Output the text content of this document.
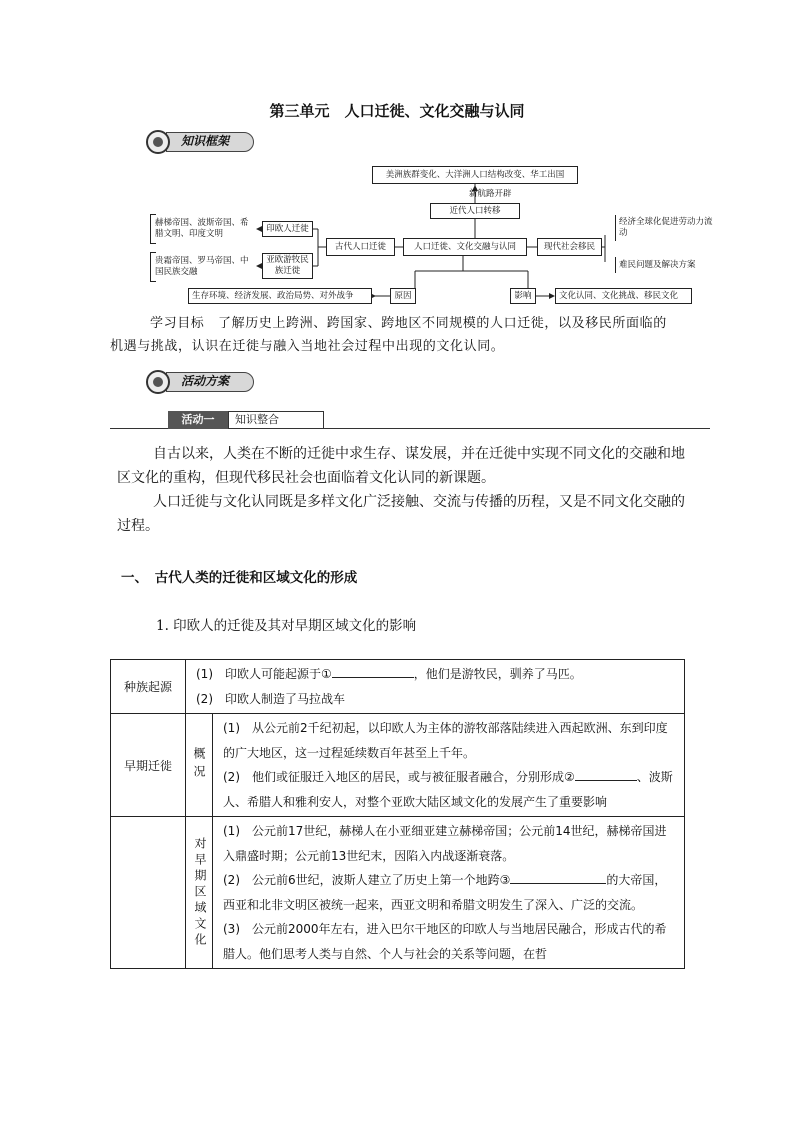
第三单元　人口迁徙、文化交融与认同
知识框架
美洲族群变化、大洋洲人口结构改变、华工出国
新航路开辟
近代人口转移
人口迁徙、文化交融与认同
古代人口迁徙	现代社会移民
印欧人迁徙
亚欧游牧民族迁徙
赫梯帝国、波斯帝国、希腊文明、印度文明
贵霜帝国、罗马帝国、中国民族交融
生存环境、经济发展、政治局势、对外战争	原因	影响	文化认同、文化挑战、移民文化
经济全球化促进劳动力流动
难民问题及解决方案
学习目标　了解历史上跨洲、跨国家、跨地区不同规模的人口迁徙，以及移民所面临的机遇与挑战，认识在迁徙与融入当地社会过程中出现的文化认同。
活动方案
活动一	知识整合
自古以来，人类在不断的迁徙中求生存、谋发展，并在迁徙中实现不同文化的交融和地区文化的重构，但现代移民社会也面临着文化认同的新课题。
人口迁徙与文化认同既是多样文化广泛接触、交流与传播的历程，又是不同文化交融的过程。
一、　古代人类的迁徙和区域文化的形成
1. 印欧人的迁徙及其对早期区域文化的影响
种族起源	(1)　印欧人可能起源于① ，他们是游牧民，驯养了马匹。
(2)　印欧人制造了马拉战车	
早期迁徙	概况	(1)　从公元前2千纪初起，以印欧人为主体的游牧部落陆续进入西起欧洲、东到印度的广大地区，这一过程延续数百年甚至上千年。
(2)　他们或征服迁入地区的居民，或与被征服者融合，分别形成② 、波斯人、希腊人和雅利安人，对整个亚欧大陆区域文化的发展产生了重要影响
	对早期区域文化	(1)　公元前17世纪，赫梯人在小亚细亚建立赫梯帝国；公元前14世纪，赫梯帝国进入鼎盛时期；公元前13世纪末，因陷入内战逐渐衰落。
(2)　公元前6世纪，波斯人建立了历史上第一个地跨③ 的大帝国，西亚和北非文明区被统一起来，西亚文明和希腊文明发生了深入、广泛的交流。
(3)　公元前2000年左右，进入巴尔干地区的印欧人与当地居民融合，形成古代的希腊人。他们思考人类与自然、个人与社会的关系等问题，在哲
